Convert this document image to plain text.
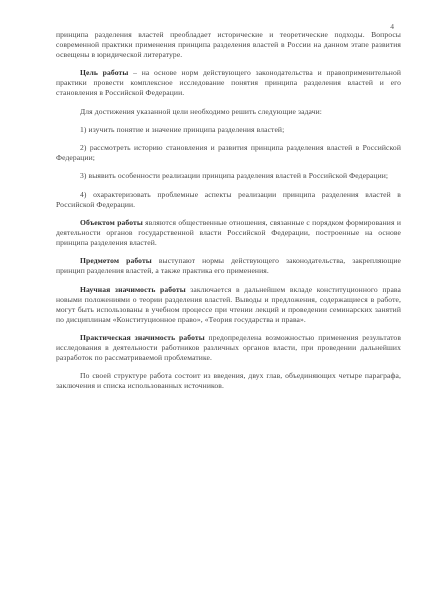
4

принципа разделения властей преобладает исторические и теоретические подходы. Вопросы современной практики применения принципа разделения властей в России на данном этапе развития освещены в юридической литературе.

Цель работы – на основе норм действующего законодательства и правоприменительной практики провести комплексное исследование понятия принципа разделения властей и его становления в Российской Федерации.

Для достижения указанной цели необходимо решить следующие задачи:

1) изучить понятие и значение принципа разделения властей;

2) рассмотреть историю становления и развития принципа разделения властей в Российской Федерации;

3) выявить особенности реализации принципа разделения властей в Российской Федерации;

4) охарактеризовать проблемные аспекты реализации принципа разделения властей в Российской Федерации.

Объектом работы являются общественные отношения, связанные с порядком формирования и деятельности органов государственной власти Российской Федерации, построенные на основе принципа разделения властей.

Предметом работы выступают нормы действующего законодательства, закрепляющие принцип разделения властей, а также практика его применения.

Научная значимость работы заключается в дальнейшем вкладе конституционного права новыми положениями о теории разделения властей. Выводы и предложения, содержащиеся в работе, могут быть использованы в учебном процессе при чтении лекций и проведении семинарских занятий по дисциплинам «Конституционное право», «Теория государства и права».

Практическая значимость работы предопределена возможностью применения результатов исследования в деятельности работников различных органов власти, при проведении дальнейших разработок по рассматриваемой проблематике.

По своей структуре работа состоит из введения, двух глав, объединяющих четыре параграфа, заключения и списка использованных источников.
